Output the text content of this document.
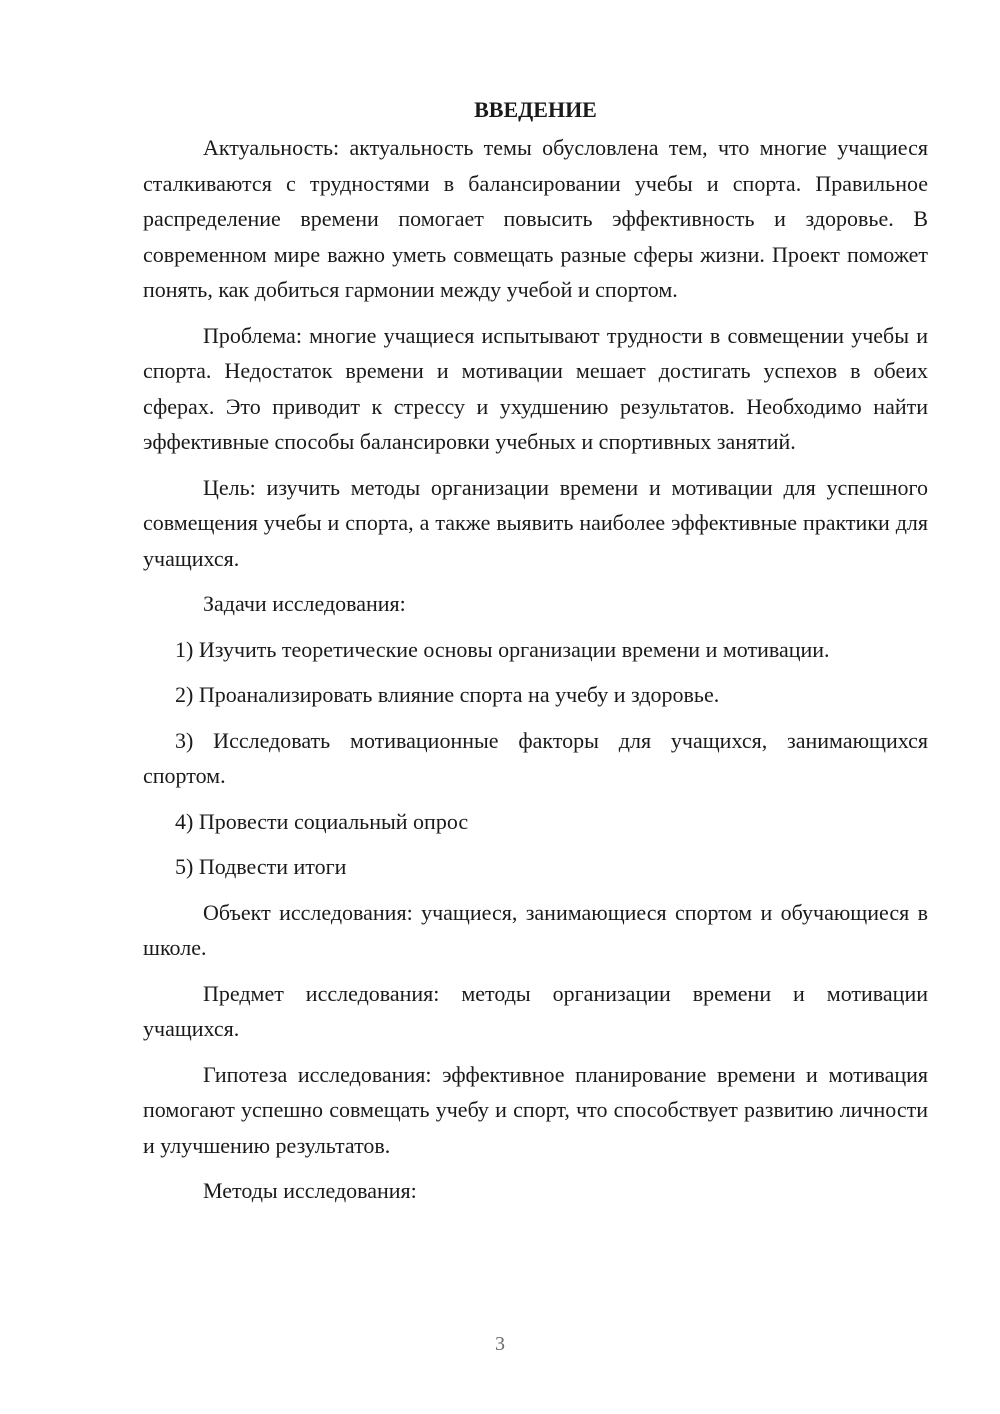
ВВЕДЕНИЕ

Актуальность: актуальность темы обусловлена тем, что многие учащиеся сталкиваются с трудностями в балансировании учебы и спорта. Правильное распределение времени помогает повысить эффективность и здоровье. В современном мире важно уметь совмещать разные сферы жизни. Проект поможет понять, как добиться гармонии между учебой и спортом.

Проблема: многие учащиеся испытывают трудности в совмещении учебы и спорта. Недостаток времени и мотивации мешает достигать успехов в обеих сферах. Это приводит к стрессу и ухудшению результатов. Необходимо найти эффективные способы балансировки учебных и спортивных занятий.

Цель: изучить методы организации времени и мотивации для успешного совмещения учебы и спорта, а также выявить наиболее эффективные практики для учащихся.

Задачи исследования:

1) Изучить теоретические основы организации времени и мотивации.

2) Проанализировать влияние спорта на учебу и здоровье.

3) Исследовать мотивационные факторы для учащихся, занимающихся спортом.

4) Провести социальный опрос

5) Подвести итоги

Объект исследования: учащиеся, занимающиеся спортом и обучающиеся в школе.

Предмет исследования: методы организации времени и мотивации учащихся.

Гипотеза исследования: эффективное планирование времени и мотивация помогают успешно совмещать учебу и спорт, что способствует развитию личности и улучшению результатов.

Методы исследования:

3
